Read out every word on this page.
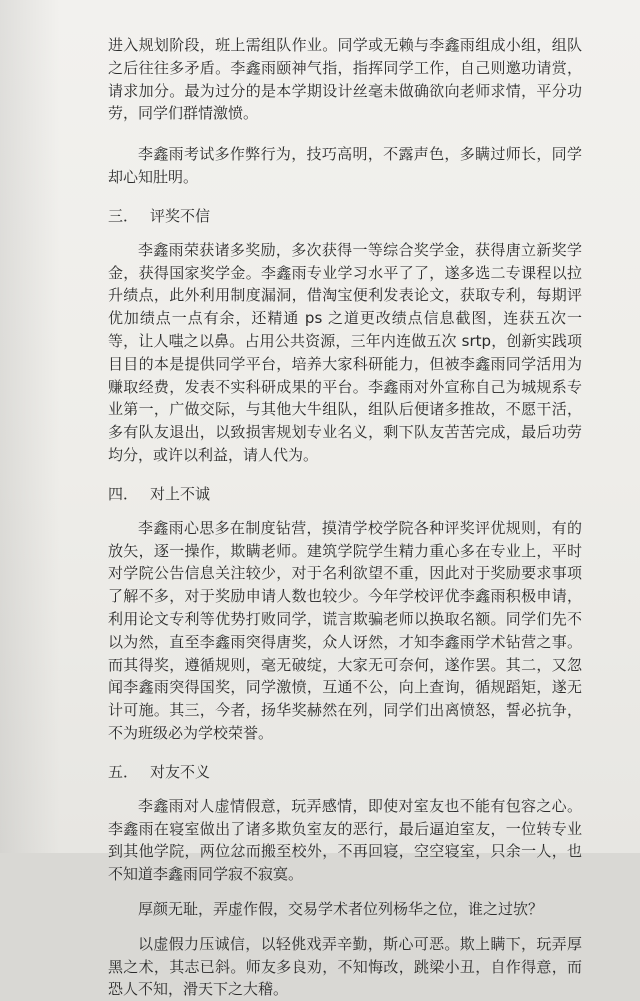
进入规划阶段，班上需组队作业。同学或无赖与李鑫雨组成小组，组队之后往往多矛盾。李鑫雨颐神气指，指挥同学工作，自己则邀功请赏，请求加分。最为过分的是本学期设计丝毫未做确欲向老师求情，平分功劳，同学们群情激愤。

李鑫雨考试多作弊行为，技巧高明，不露声色，多瞒过师长，同学却心知肚明。

三． 评奖不信

李鑫雨荣获诸多奖励，多次获得一等综合奖学金，获得唐立新奖学金，获得国家奖学金。李鑫雨专业学习水平了了，遂多选二专课程以拉升绩点，此外利用制度漏洞，借淘宝便利发表论文，获取专利，每期评优加绩点一点有余，还精通 ps 之道更改绩点信息截图，连获五次一等，让人嗤之以鼻。占用公共资源，三年内连做五次 srtp，创新实践项目目的本是提供同学平台，培养大家科研能力，但被李鑫雨同学活用为赚取经费，发表不实科研成果的平台。李鑫雨对外宣称自己为城规系专业第一，广做交际，与其他大牛组队，组队后便诸多推故，不愿干活，多有队友退出，以致损害规划专业名义，剩下队友苦苦完成，最后功劳均分，或许以利益，请人代为。

四． 对上不诚

李鑫雨心思多在制度钻营，摸清学校学院各种评奖评优规则，有的放矢，逐一操作，欺瞒老师。建筑学院学生精力重心多在专业上，平时对学院公告信息关注较少，对于名利欲望不重，因此对于奖励要求事项了解不多，对于奖励申请人数也较少。今年学校评优李鑫雨积极申请，利用论文专利等优势打败同学，谎言欺骗老师以换取名额。同学们先不以为然，直至李鑫雨突得唐奖，众人讶然，才知李鑫雨学术钻营之事。而其得奖，遵循规则，毫无破绽，大家无可奈何，遂作罢。其二，又忽闻李鑫雨突得国奖，同学激愤，互通不公，向上查询，循规蹈矩，遂无计可施。其三，今者，扬华奖赫然在列，同学们出离愤怒，誓必抗争，不为班级必为学校荣誉。

五． 对友不义

李鑫雨对人虚情假意，玩弄感情，即使对室友也不能有包容之心。李鑫雨在寝室做出了诸多欺负室友的恶行，最后逼迫室友，一位转专业到其他学院，两位忿而搬至校外，不再回寝，空空寝室，只余一人，也不知道李鑫雨同学寂不寂寞。

厚颜无耻，弄虚作假，交易学术者位列杨华之位，谁之过欤？

以虚假力压诚信，以轻佻戏弄辛勤，斯心可恶。欺上瞒下，玩弄厚黑之术，其志已斜。师友多良劝，不知悔改，跳梁小丑，自作得意，而恐人不知，滑天下之大稽。
